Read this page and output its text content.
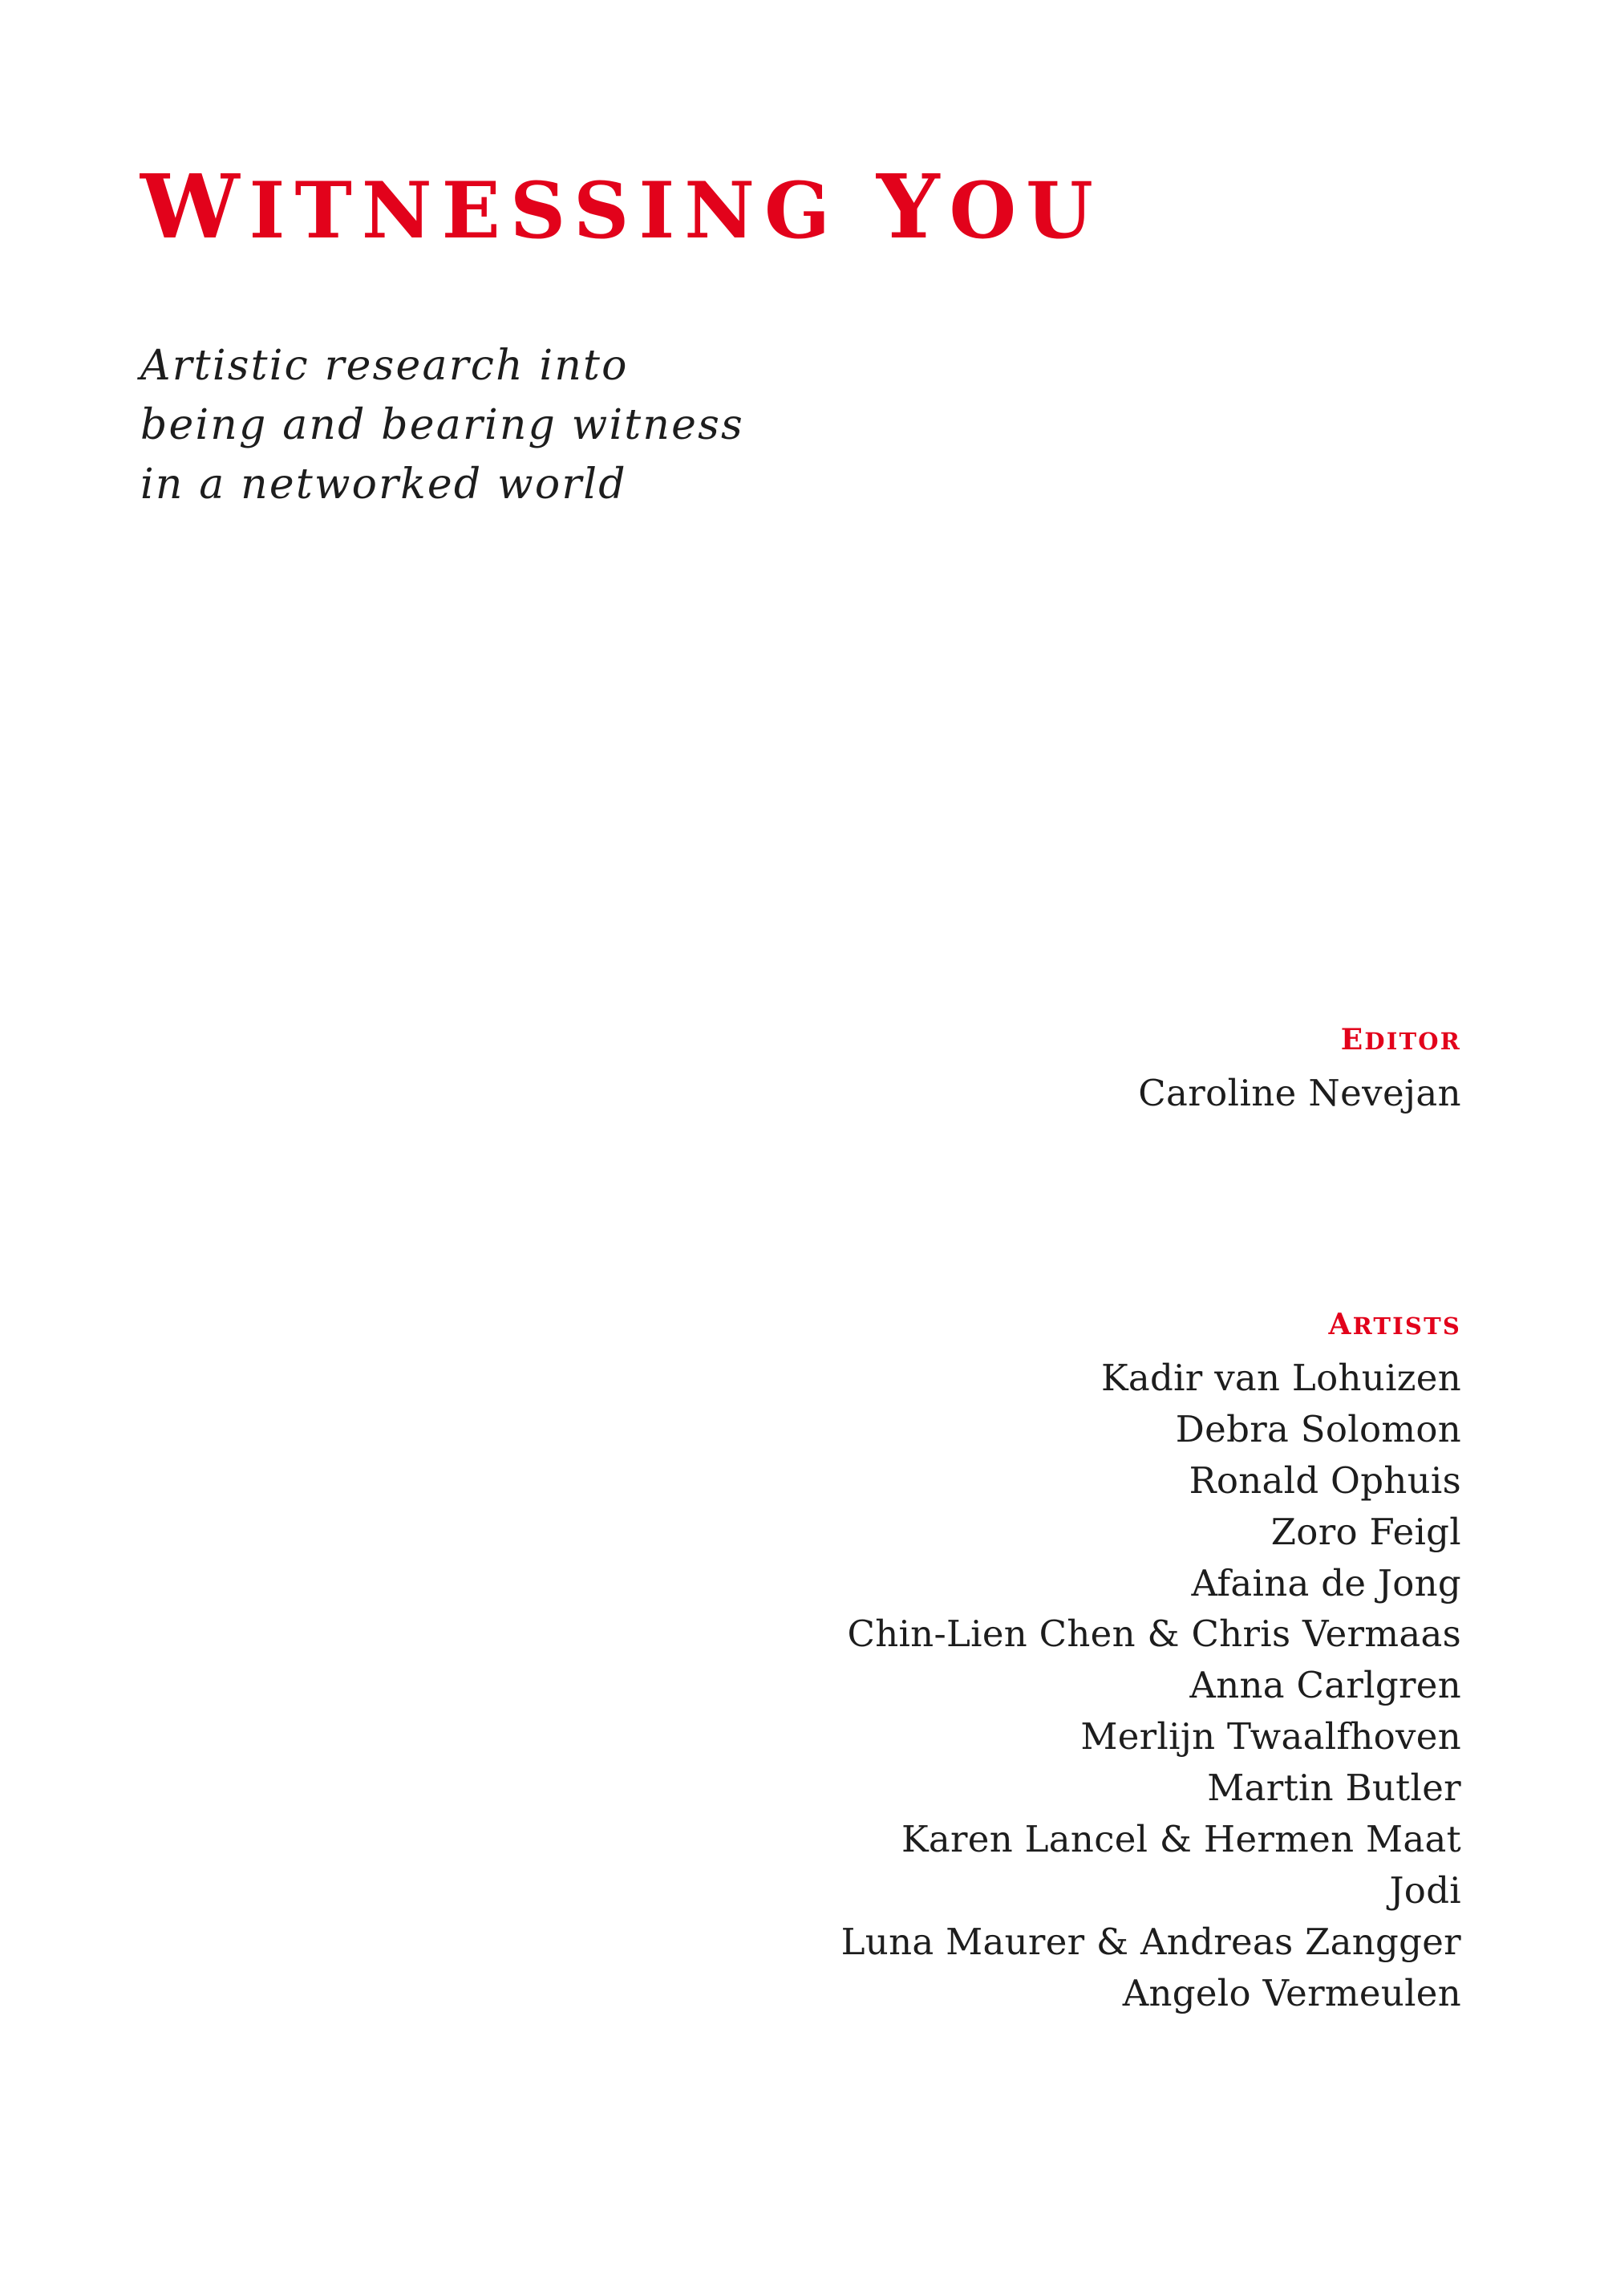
WITNESSING YOU
Artistic research into
being and bearing witness
in a networked world
EDITOR
Caroline Nevejan
ARTISTS
Kadir van Lohuizen
Debra Solomon
Ronald Ophuis
Zoro Feigl
Afaina de Jong
Chin-Lien Chen & Chris Vermaas
Anna Carlgren
Merlijn Twaalfhoven
Martin Butler
Karen Lancel & Hermen Maat
Jodi
Luna Maurer & Andreas Zangger
Angelo Vermeulen
